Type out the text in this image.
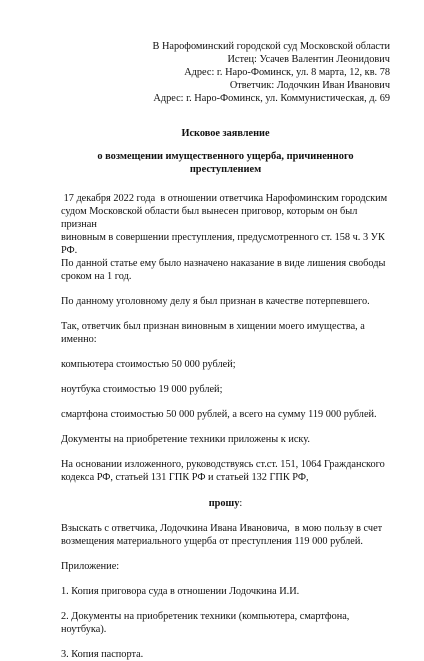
В Нарофоминский городской суд Московской области
Истец: Усачев Валентин Леонидович
Адрес: г. Наро-Фоминск, ул. 8 марта, 12, кв. 78
Ответчик: Лодочкин Иван Иванович
Адрес: г. Наро-Фоминск, ул. Коммунистическая, д. 69
Исковое заявление
о возмещении имущественного ущерба, причиненного преступлением
17 декабря 2022 года  в отношении ответчика Нарофоминским городским
судом Московской области был вынесен приговор, которым он был признан
виновным в совершении преступления, предусмотренного ст. 158 ч. 3 УК РФ.
По данной статье ему было назначено наказание в виде лишения свободы
сроком на 1 год.
По данному уголовному делу я был признан в качестве потерпевшего.
Так, ответчик был признан виновным в хищении моего имущества, а именно:
компьютера стоимостью 50 000 рублей;
ноутбука стоимостью 19 000 рублей;
смартфона стоимостью 50 000 рублей, а всего на сумму 119 000 рублей.
Документы на приобретение техники приложены к иску.
На основании изложенного, руководствуясь ст.ст. 151, 1064 Гражданского
кодекса РФ, статьей 131 ГПК РФ и статьей 132 ГПК РФ,
прошу:
Взыскать с ответчика, Лодочкина Ивана Ивановича,  в мою пользу в счет
возмещения материального ущерба от преступления 119 000 рублей.
Приложение:
1. Копия приговора суда в отношении Лодочкина И.И.
2. Документы на приобретеник техники (компьютера, смартфона, ноутбука).
3. Копия паспорта.
